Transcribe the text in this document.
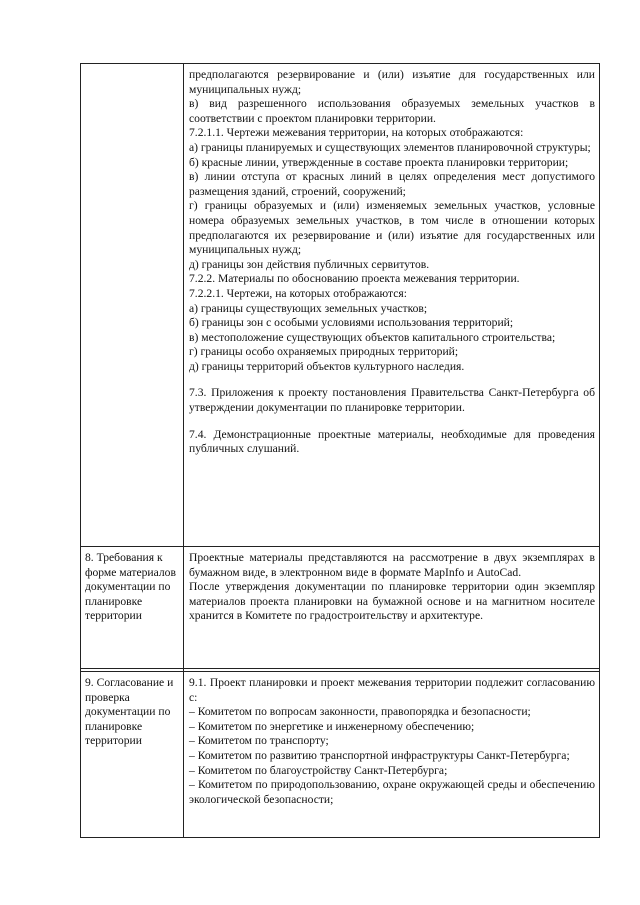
предполагаются резервирование и (или) изъятие для государственных или муниципальных нужд;

в) вид разрешенного использования образуемых земельных участков в соответствии с проектом планировки территории.

7.2.1.1. Чертежи межевания территории, на которых отображаются:

а) границы планируемых и существующих элементов планировочной структуры;

б) красные линии, утвержденные в составе проекта планировки территории;

в) линии отступа от красных линий в целях определения мест допустимого размещения зданий, строений, сооружений;

г) границы образуемых и (или) изменяемых земельных участков, условные номера образуемых земельных участков, в том числе в отношении которых предполагаются их резервирование и (или) изъятие для государственных или муниципальных нужд;

д) границы зон действия публичных сервитутов.

7.2.2. Материалы по обоснованию проекта межевания территории.

7.2.2.1. Чертежи, на которых отображаются:

а) границы существующих земельных участков;

б) границы зон с особыми условиями использования территорий;

в) местоположение существующих объектов капитального строительства;

г) границы особо охраняемых природных территорий;

д) границы территорий объектов культурного наследия.

7.3. Приложения к проекту постановления Правительства Санкт-Петербурга об утверждении документации по планировке территории.

7.4. Демонстрационные проектные материалы, необходимые для проведения публичных слушаний.

8. Требования к форме материалов документации по планировке территории

Проектные материалы представляются на рассмотрение в двух экземплярах в бумажном виде, в электронном виде в формате MapInfo и AutoCad.

После утверждения документации по планировке территории один экземпляр материалов проекта планировки на бумажной основе и на магнитном носителе хранится в Комитете по градостроительству и архитектуре.

9. Согласование и проверка документации по планировке территории

9.1. Проект планировки и проект межевания территории подлежит согласованию с:

– Комитетом по вопросам законности, правопорядка и безопасности;

– Комитетом по энергетике и инженерному обеспечению;

– Комитетом по транспорту;

– Комитетом по развитию транспортной инфраструктуры Санкт-Петербурга;

– Комитетом по благоустройству Санкт-Петербурга;

– Комитетом по природопользованию, охране окружающей среды и обеспечению экологической безопасности;
